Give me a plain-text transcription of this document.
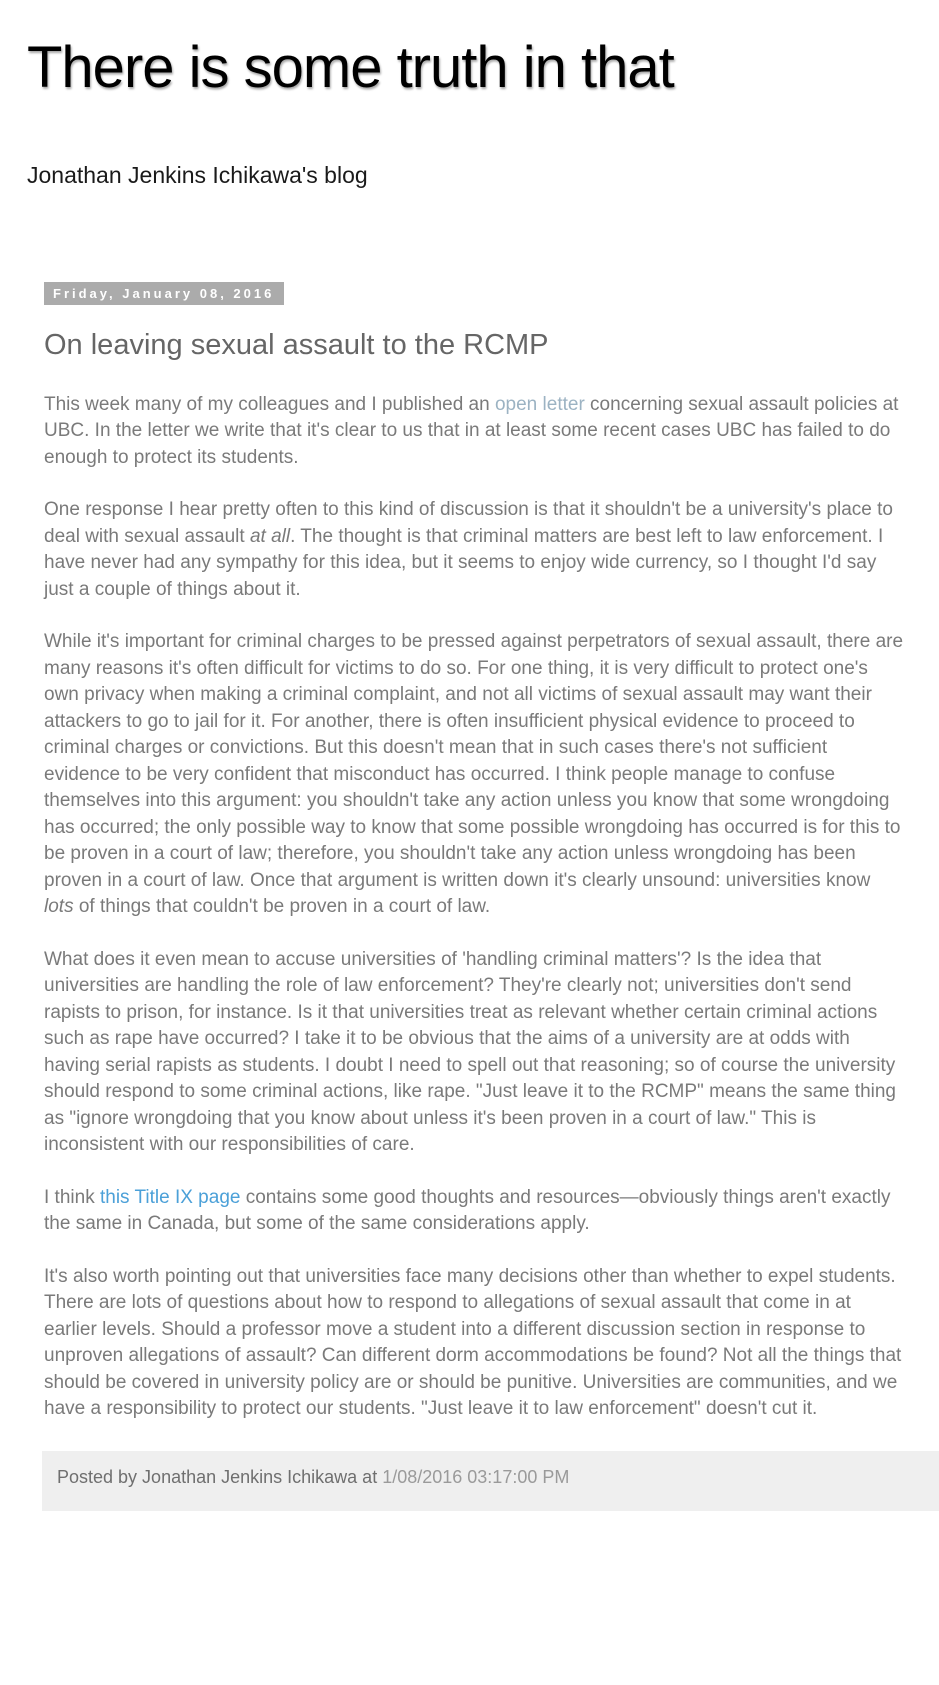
There is some truth in that

Jonathan Jenkins Ichikawa's blog

Friday, January 08, 2016
On leaving sexual assault to the RCMP

This week many of my colleagues and I published an open letter concerning sexual assault policies at UBC. In the letter we write that it's clear to us that in at least some recent cases UBC has failed to do enough to protect its students.

One response I hear pretty often to this kind of discussion is that it shouldn't be a university's place to deal with sexual assault at all. The thought is that criminal matters are best left to law enforcement. I have never had any sympathy for this idea, but it seems to enjoy wide currency, so I thought I'd say just a couple of things about it.

While it's important for criminal charges to be pressed against perpetrators of sexual assault, there are many reasons it's often difficult for victims to do so. For one thing, it is very difficult to protect one's own privacy when making a criminal complaint, and not all victims of sexual assault may want their attackers to go to jail for it. For another, there is often insufficient physical evidence to proceed to criminal charges or convictions. But this doesn't mean that in such cases there's not sufficient evidence to be very confident that misconduct has occurred. I think people manage to confuse themselves into this argument: you shouldn't take any action unless you know that some wrongdoing has occurred; the only possible way to know that some possible wrongdoing has occurred is for this to be proven in a court of law; therefore, you shouldn't take any action unless wrongdoing has been proven in a court of law. Once that argument is written down it's clearly unsound: universities know lots of things that couldn't be proven in a court of law.

What does it even mean to accuse universities of 'handling criminal matters'? Is the idea that universities are handling the role of law enforcement? They're clearly not; universities don't send rapists to prison, for instance. Is it that universities treat as relevant whether certain criminal actions such as rape have occurred? I take it to be obvious that the aims of a university are at odds with having serial rapists as students. I doubt I need to spell out that reasoning; so of course the university should respond to some criminal actions, like rape. "Just leave it to the RCMP" means the same thing as "ignore wrongdoing that you know about unless it's been proven in a court of law." This is inconsistent with our responsibilities of care.

I think this Title IX page contains some good thoughts and resources—obviously things aren't exactly the same in Canada, but some of the same considerations apply.

It's also worth pointing out that universities face many decisions other than whether to expel students. There are lots of questions about how to respond to allegations of sexual assault that come in at earlier levels. Should a professor move a student into a different discussion section in response to unproven allegations of assault? Can different dorm accommodations be found? Not all the things that should be covered in university policy are or should be punitive. Universities are communities, and we have a responsibility to protect our students. "Just leave it to law enforcement" doesn't cut it.

Posted by Jonathan Jenkins Ichikawa at 1/08/2016 03:17:00 PM
